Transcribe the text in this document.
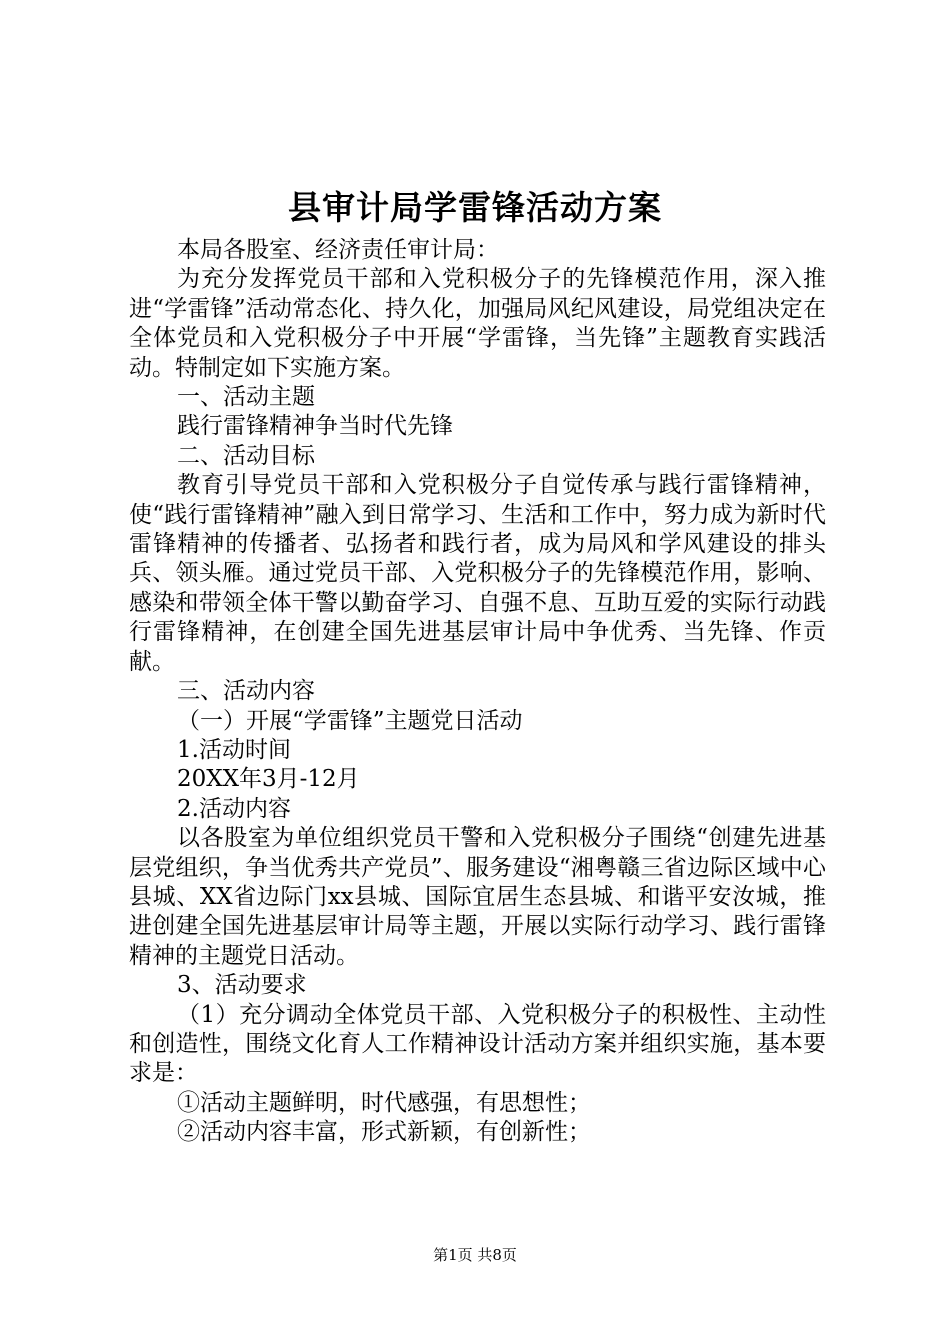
县审计局学雷锋活动方案

本局各股室、经济责任审计局：

为充分发挥党员干部和入党积极分子的先锋模范作用，深入推进“学雷锋”活动常态化、持久化，加强局风纪风建设，局党组决定在全体党员和入党积极分子中开展“学雷锋，当先锋”主题教育实践活动。特制定如下实施方案。

一、活动主题

践行雷锋精神争当时代先锋

二、活动目标

教育引导党员干部和入党积极分子自觉传承与践行雷锋精神，使“践行雷锋精神”融入到日常学习、生活和工作中，努力成为新时代雷锋精神的传播者、弘扬者和践行者，成为局风和学风建设的排头兵、领头雁。通过党员干部、入党积极分子的先锋模范作用，影响、感染和带领全体干警以勤奋学习、自强不息、互助互爱的实际行动践行雷锋精神，在创建全国先进基层审计局中争优秀、当先锋、作贡献。

三、活动内容

（一）开展“学雷锋”主题党日活动

1.活动时间

20XX年3月-12月

2.活动内容

以各股室为单位组织党员干警和入党积极分子围绕“创建先进基层党组织，争当优秀共产党员”、服务建设“湘粤赣三省边际区域中心县城、XX省边际门xx县城、国际宜居生态县城、和谐平安汝城，推进创建全国先进基层审计局等主题，开展以实际行动学习、践行雷锋精神的主题党日活动。

3、活动要求

（1）充分调动全体党员干部、入党积极分子的积极性、主动性和创造性，围绕文化育人工作精神设计活动方案并组织实施，基本要求是：

①活动主题鲜明，时代感强，有思想性；

②活动内容丰富，形式新颖，有创新性；

第1页 共8页
